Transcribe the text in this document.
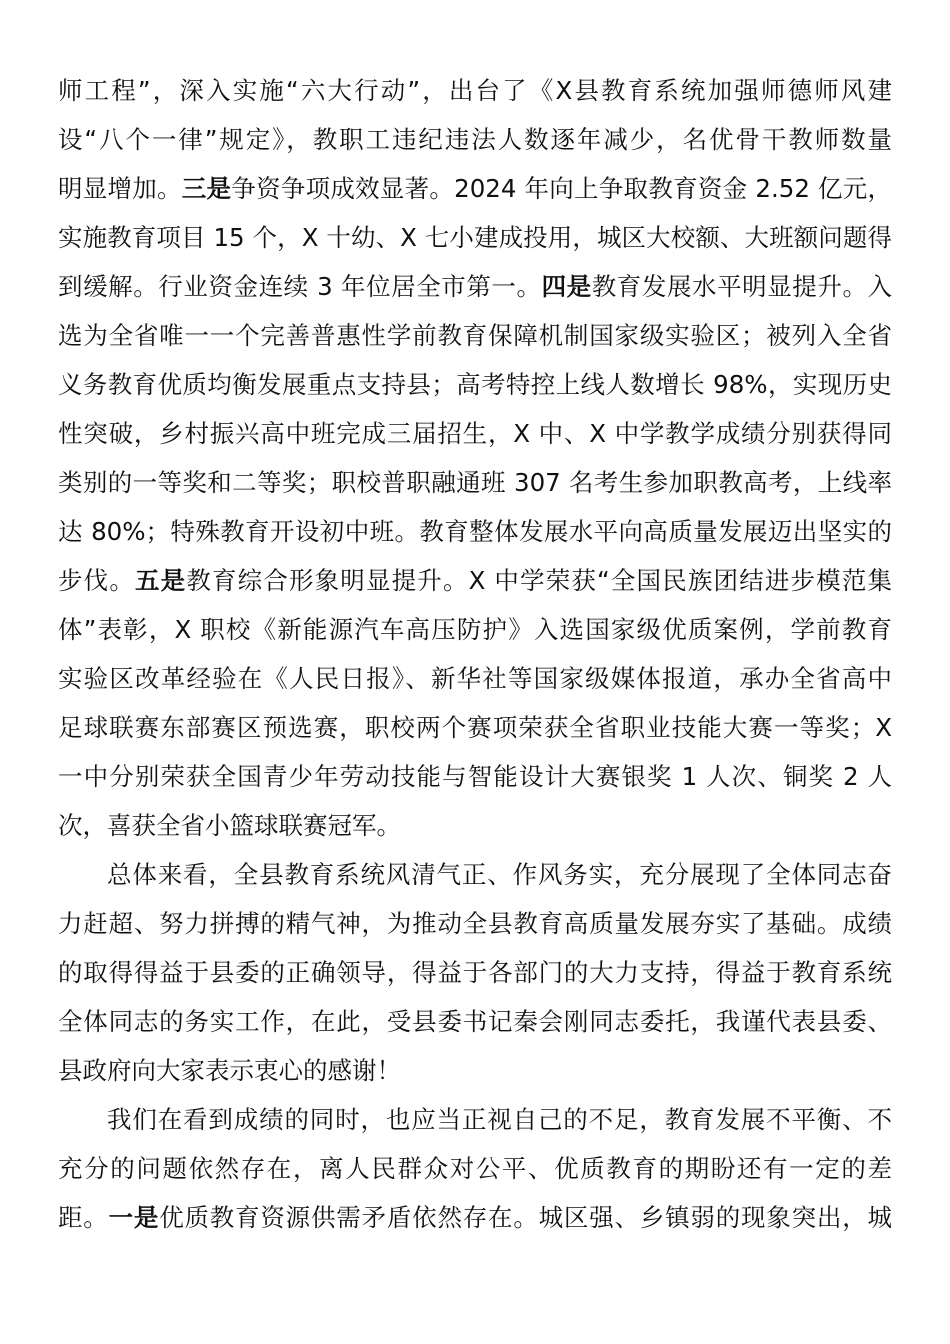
师工程”，深入实施“六大行动”，出台了《X县教育系统加强师德师风建
设“八个一律”规定》，教职工违纪违法人数逐年减少，名优骨干教师数量
明显增加。三是争资争项成效显著。2024 年向上争取教育资金 2.52 亿元，
实施教育项目 15 个，X 十幼、X 七小建成投用，城区大校额、大班额问题得
到缓解。行业资金连续 3 年位居全市第一。四是教育发展水平明显提升。入
选为全省唯一一个完善普惠性学前教育保障机制国家级实验区；被列入全省
义务教育优质均衡发展重点支持县；高考特控上线人数增长 98%，实现历史
性突破，乡村振兴高中班完成三届招生，X 中、X 中学教学成绩分别获得同
类别的一等奖和二等奖；职校普职融通班 307 名考生参加职教高考，上线率
达 80%；特殊教育开设初中班。教育整体发展水平向高质量发展迈出坚实的
步伐。五是教育综合形象明显提升。X 中学荣获“全国民族团结进步模范集
体”表彰，X 职校《新能源汽车高压防护》入选国家级优质案例，学前教育
实验区改革经验在《人民日报》、新华社等国家级媒体报道，承办全省高中
足球联赛东部赛区预选赛，职校两个赛项荣获全省职业技能大赛一等奖；X
一中分别荣获全国青少年劳动技能与智能设计大赛银奖 1 人次、铜奖 2 人
次，喜获全省小篮球联赛冠军。
总体来看，全县教育系统风清气正、作风务实，充分展现了全体同志奋
力赶超、努力拼搏的精气神，为推动全县教育高质量发展夯实了基础。成绩
的取得得益于县委的正确领导，得益于各部门的大力支持，得益于教育系统
全体同志的务实工作，在此，受县委书记秦会刚同志委托，我谨代表县委、
县政府向大家表示衷心的感谢！
我们在看到成绩的同时，也应当正视自己的不足，教育发展不平衡、不
充分的问题依然存在，离人民群众对公平、优质教育的期盼还有一定的差
距。一是优质教育资源供需矛盾依然存在。城区强、乡镇弱的现象突出，城
